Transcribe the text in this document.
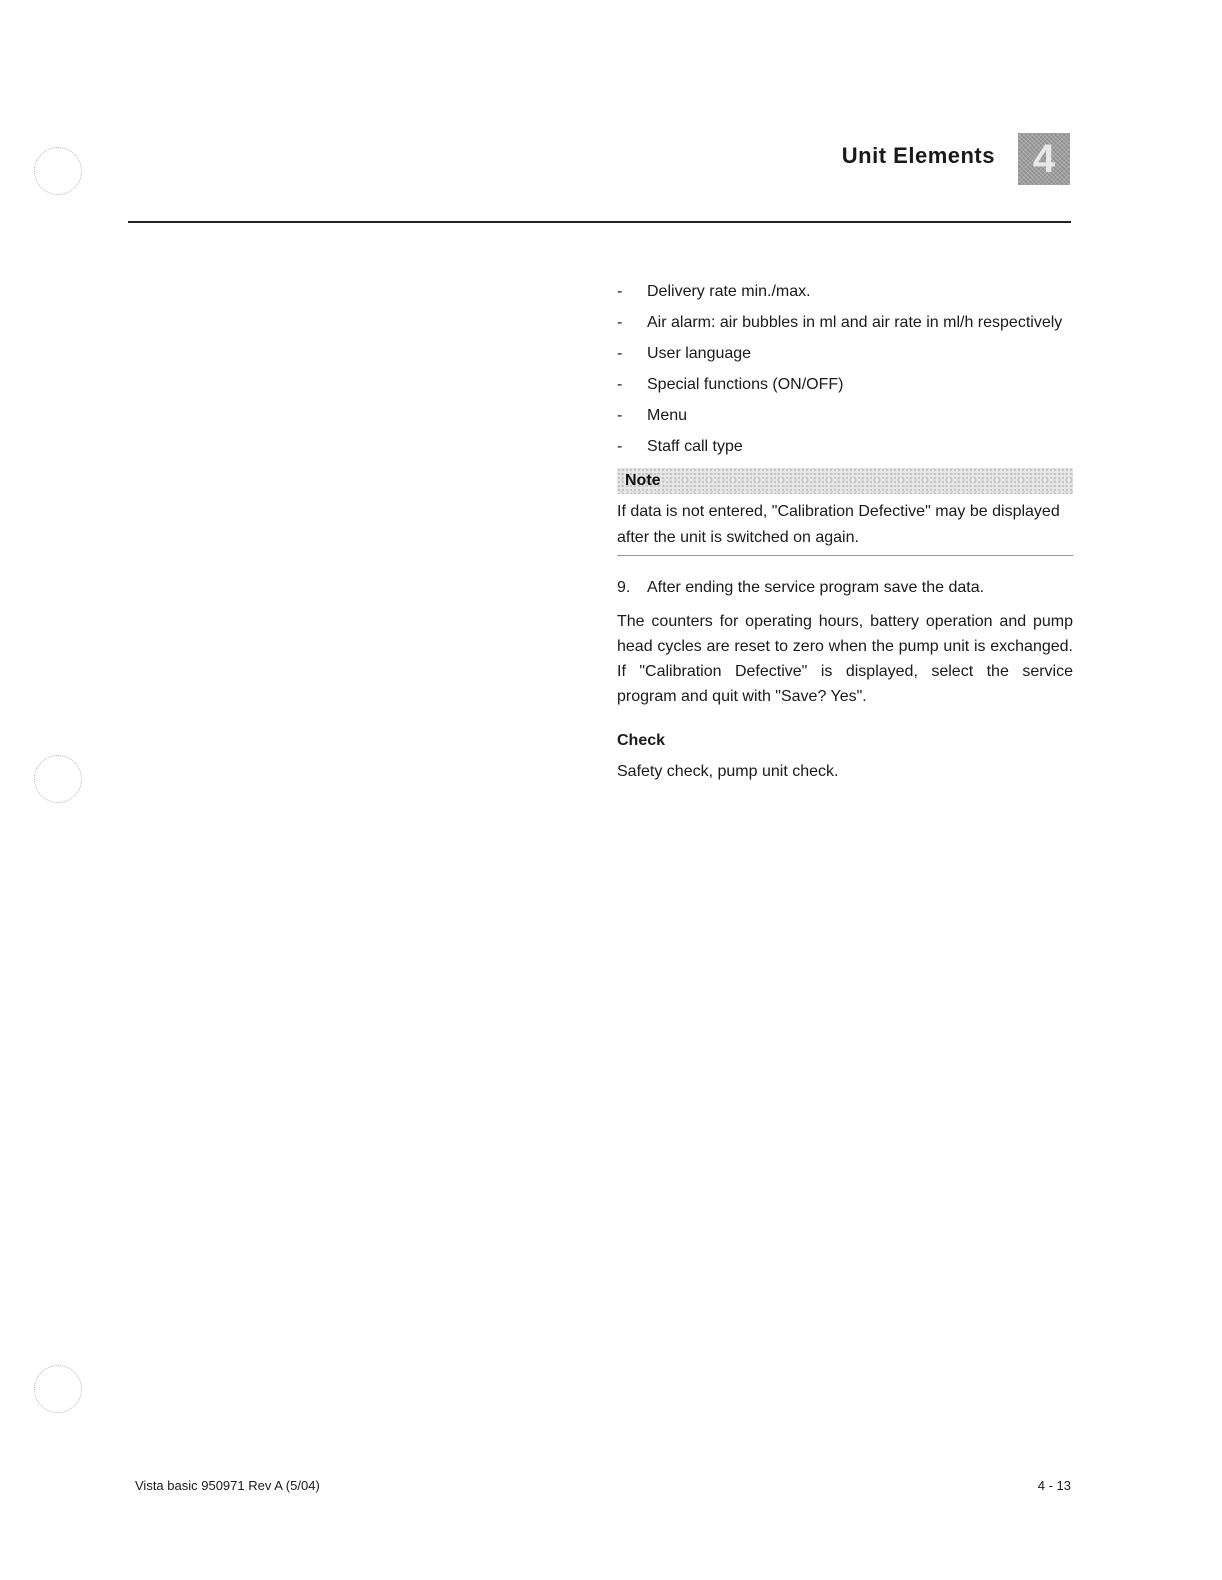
Unit Elements 4
- Delivery rate min./max.
- Air alarm: air bubbles in ml and air rate in ml/h respectively
- User language
- Special functions (ON/OFF)
- Menu
- Staff call type
Note
If data is not entered, "Calibration Defective" may be displayed after the unit is switched on again.
9. After ending the service program save the data.
The counters for operating hours, battery operation and pump head cycles are reset to zero when the pump unit is exchanged. If "Calibration Defective" is displayed, select the service program and quit with "Save? Yes".
Check
Safety check, pump unit check.
Vista basic 950971 Rev A (5/04)	4 - 13
